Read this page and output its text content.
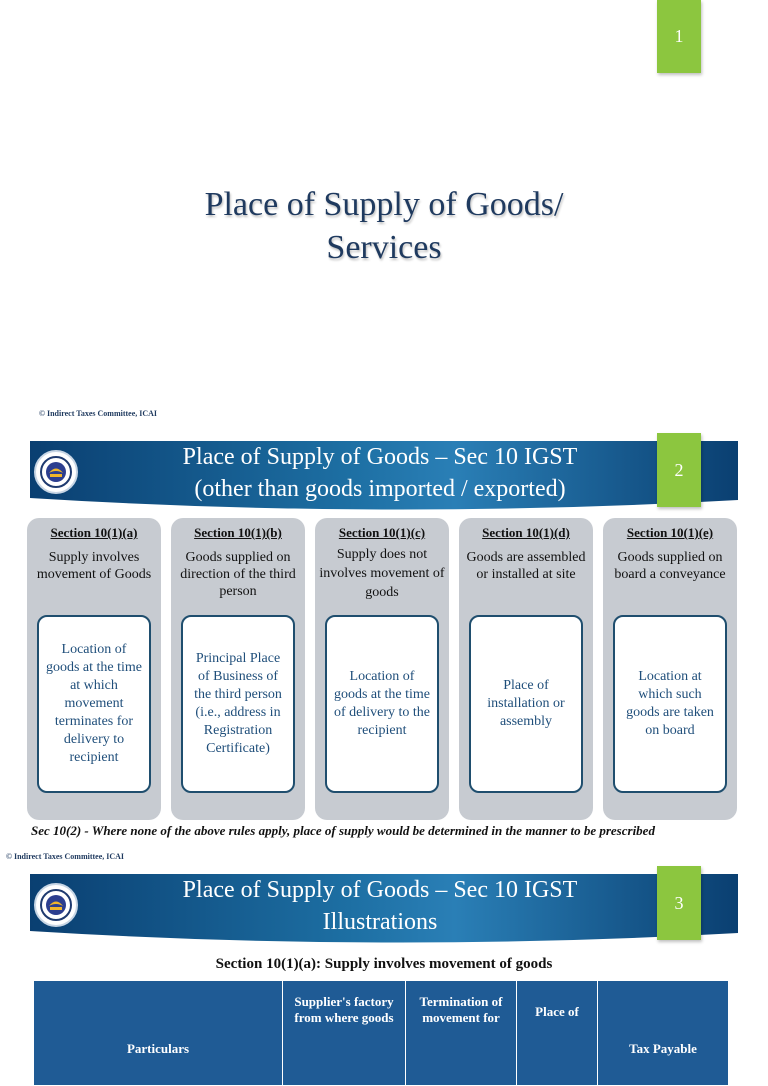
1
Place of Supply of Goods/
Services
© Indirect Taxes Committee, ICAI
Place of Supply of Goods – Sec 10 IGST
(other than goods imported / exported)
2
Section 10(1)(a)
Supply involves movement of Goods
Location of goods at the time at which movement terminates for delivery to recipient
Section 10(1)(b)
Goods supplied on direction of the third person
Principal Place of Business of the third person (i.e., address in Registration Certificate)
Section 10(1)(c)
Supply does not involves movement of goods
Location of goods at the time of delivery to the recipient
Section 10(1)(d)
Goods are assembled or installed at site
Place of installation or assembly
Section 10(1)(e)
Goods supplied on board a conveyance
Location at which such goods are taken on board
Sec 10(2) - Where none of the above rules apply, place of supply would be determined in the manner to be prescribed
© Indirect Taxes Committee, ICAI
Place of Supply of Goods – Sec 10 IGST
Illustrations
3
Section 10(1)(a): Supply involves movement of goods
Particulars	Supplier's factory from where goods	Termination of movement for	Place of	Tax Payable
